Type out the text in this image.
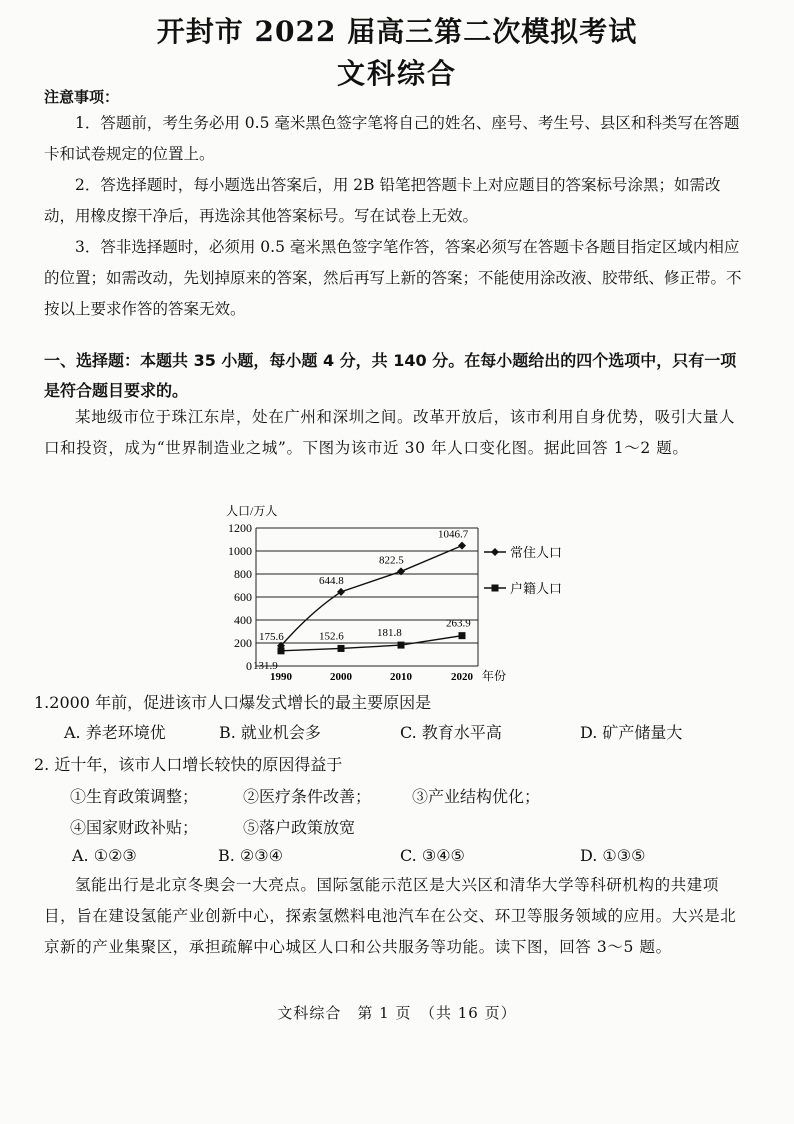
开封市 2022 届高三第二次模拟考试
文科综合
注意事项：

1．答题前，考生务必用 0.5 毫米黑色签字笔将自己的姓名、座号、考生号、县区和科类写在答题卡和试卷规定的位置上。

2．答选择题时，每小题选出答案后，用 2B 铅笔把答题卡上对应题目的答案标号涂黑；如需改动，用橡皮擦干净后，再选涂其他答案标号。写在试卷上无效。

3．答非选择题时，必须用 0.5 毫米黑色签字笔作答，答案必须写在答题卡各题目指定区域内相应的位置；如需改动，先划掉原来的答案，然后再写上新的答案；不能使用涂改液、胶带纸、修正带。不按以上要求作答的答案无效。

一、选择题：本题共 35 小题，每小题 4 分，共 140 分。在每小题给出的四个选项中，只有一项是符合题目要求的。

某地级市位于珠江东岸，处在广州和深圳之间。改革开放后，该市利用自身优势，吸引大量人口和投资，成为“世界制造业之城”。下图为该市近 30 年人口变化图。据此回答 1～2 题。

0
200
400
600
800
1000
1200
人口/万人
1990	2000	2010	2020 年份
175.6
644.8
822.5
1046.7
131.9
152.6	181.8
263.9
常住人口
户籍人口
1.2000 年前，促进该市人口爆发式增长的最主要原因是
A. 养老环境优	B. 就业机会多	C. 教育水平高	D. 矿产储量大
2. 近十年，该市人口增长较快的原因得益于
①生育政策调整；	②医疗条件改善；	③产业结构优化；
④国家财政补贴；	⑤落户政策放宽
A. ①②③	B. ②③④	C. ③④⑤	D. ①③⑤

氢能出行是北京冬奥会一大亮点。国际氢能示范区是大兴区和清华大学等科研机构的共建项目，旨在建设氢能产业创新中心，探索氢燃料电池汽车在公交、环卫等服务领域的应用。大兴是北京新的产业集聚区，承担疏解中心城区人口和公共服务等功能。读下图，回答 3～5 题。

文科综合　第 1 页　（共 16 页）
